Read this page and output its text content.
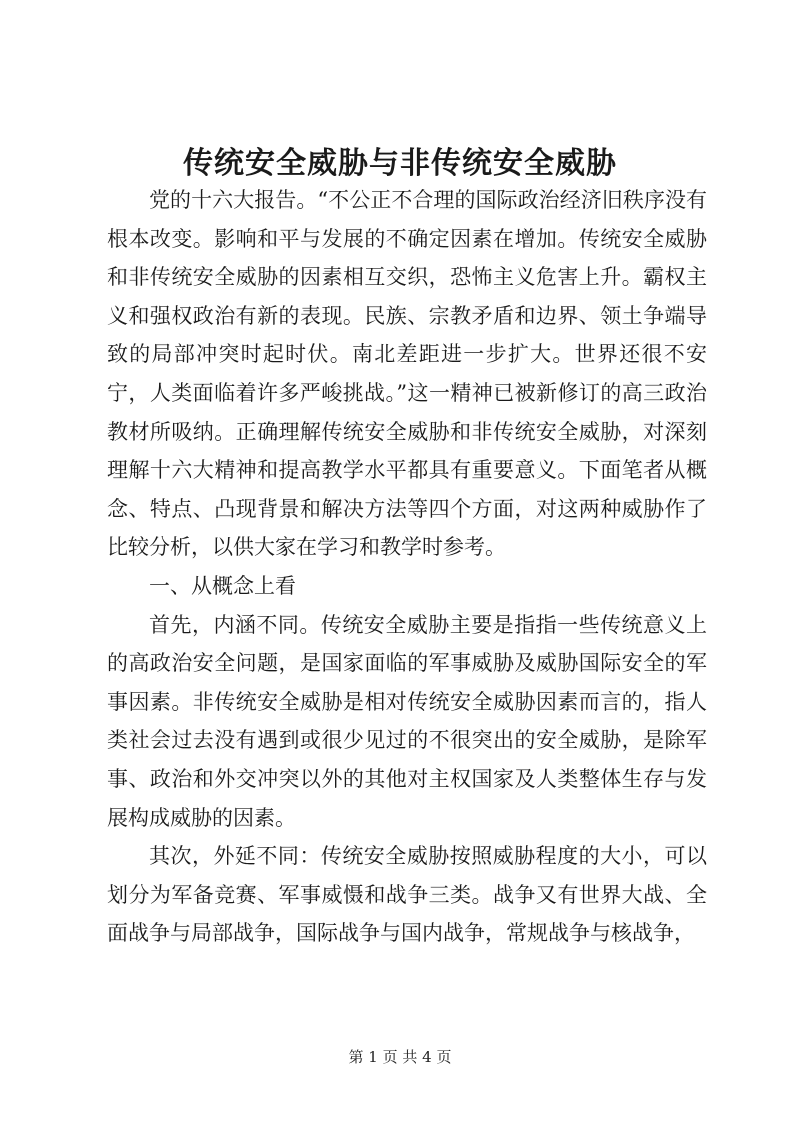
传统安全威胁与非传统安全威胁

党的十六大报告。“不公正不合理的国际政治经济旧秩序没有根本改变。影响和平与发展的不确定因素在增加。传统安全威胁和非传统安全威胁的因素相互交织，恐怖主义危害上升。霸权主义和强权政治有新的表现。民族、宗教矛盾和边界、领土争端导致的局部冲突时起时伏。南北差距进一步扩大。世界还很不安宁，人类面临着许多严峻挑战。”这一精神已被新修订的高三政治教材所吸纳。正确理解传统安全威胁和非传统安全威胁，对深刻理解十六大精神和提高教学水平都具有重要意义。下面笔者从概念、特点、凸现背景和解决方法等四个方面，对这两种威胁作了比较分析，以供大家在学习和教学时参考。

一、从概念上看

首先，内涵不同。传统安全威胁主要是指指一些传统意义上的高政治安全问题，是国家面临的军事威胁及威胁国际安全的军事因素。非传统安全威胁是相对传统安全威胁因素而言的，指人类社会过去没有遇到或很少见过的不很突出的安全威胁，是除军事、政治和外交冲突以外的其他对主权国家及人类整体生存与发展构成威胁的因素。

其次，外延不同：传统安全威胁按照威胁程度的大小，可以划分为军备竞赛、军事威慑和战争三类。战争又有世界大战、全面战争与局部战争，国际战争与国内战争，常规战争与核战争，

第 1 页 共 4 页
